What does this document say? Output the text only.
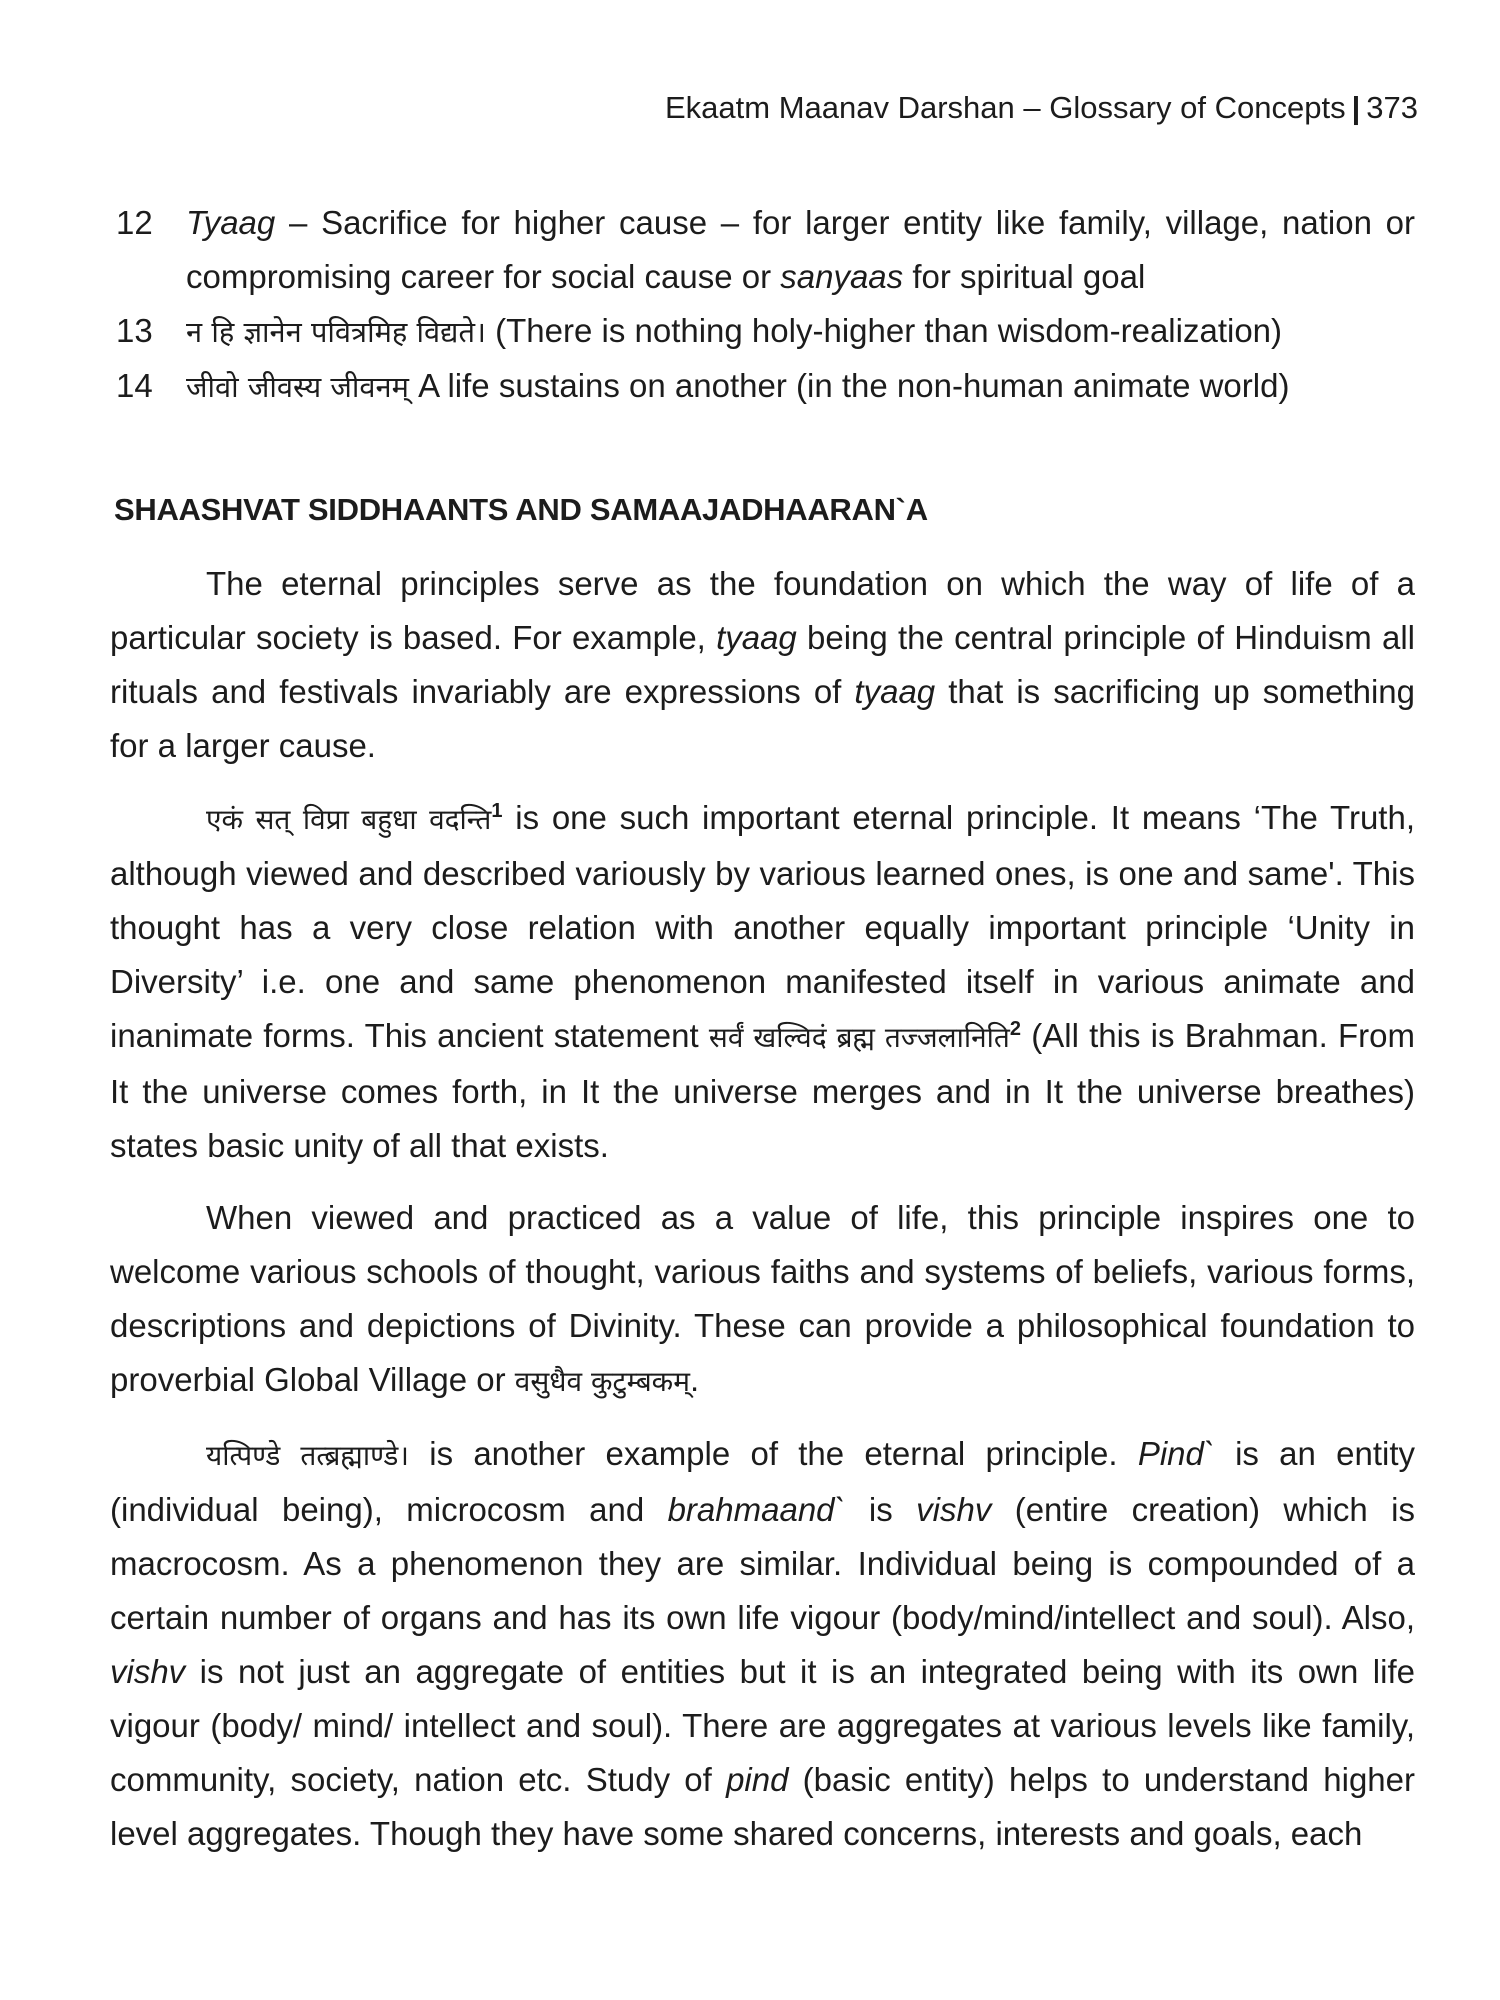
Ekaatm Maanav Darshan – Glossary of Concepts | 373
12 Tyaag – Sacrifice for higher cause – for larger entity like family, village, nation or compromising career for social cause or sanyaas for spiritual goal
13 न हि ज्ञानेन पवित्रमिह विद्यते। (There is nothing holy-higher than wisdom-realization)
14 जीवो जीवस्य जीवनम् A life sustains on another (in the non-human animate world)
SHAASHVAT SIDDHAANTS AND SAMAAJADHAARAN`A

The eternal principles serve as the foundation on which the way of life of a particular society is based. For example, tyaag being the central principle of Hinduism all rituals and festivals invariably are expressions of tyaag that is sacrificing up something for a larger cause.

एकं सत् विप्रा बहुधा वदन्ति$^1$ is one such important eternal principle. It means ‘The Truth, although viewed and described variously by various learned ones, is one and same'. This thought has a very close relation with another equally important principle ‘Unity in Diversity’ i.e. one and same phenomenon manifested itself in various animate and inanimate forms. This ancient statement सर्वं खल्विदं ब्रह्म तज्जलानिति$^2$ (All this is Brahman. From It the universe comes forth, in It the universe merges and in It the universe breathes) states basic unity of all that exists.

When viewed and practiced as a value of life, this principle inspires one to welcome various schools of thought, various faiths and systems of beliefs, various forms, descriptions and depictions of Divinity. These can provide a philosophical foundation to proverbial Global Village or वसुधैव कुटुम्बकम्.

यत्पिण्डे तत्ब्रह्माण्डे। is another example of the eternal principle. Pind` is an entity (individual being), microcosm and brahmaand` is vishv (entire creation) which is macrocosm. As a phenomenon they are similar. Individual being is compounded of a certain number of organs and has its own life vigour (body/mind/intellect and soul). Also, vishv is not just an aggregate of entities but it is an integrated being with its own life vigour (body/ mind/ intellect and soul). There are aggregates at various levels like family, community, society, nation etc. Study of pind (basic entity) helps to understand higher level aggregates. Though they have some shared concerns, interests and goals, each
